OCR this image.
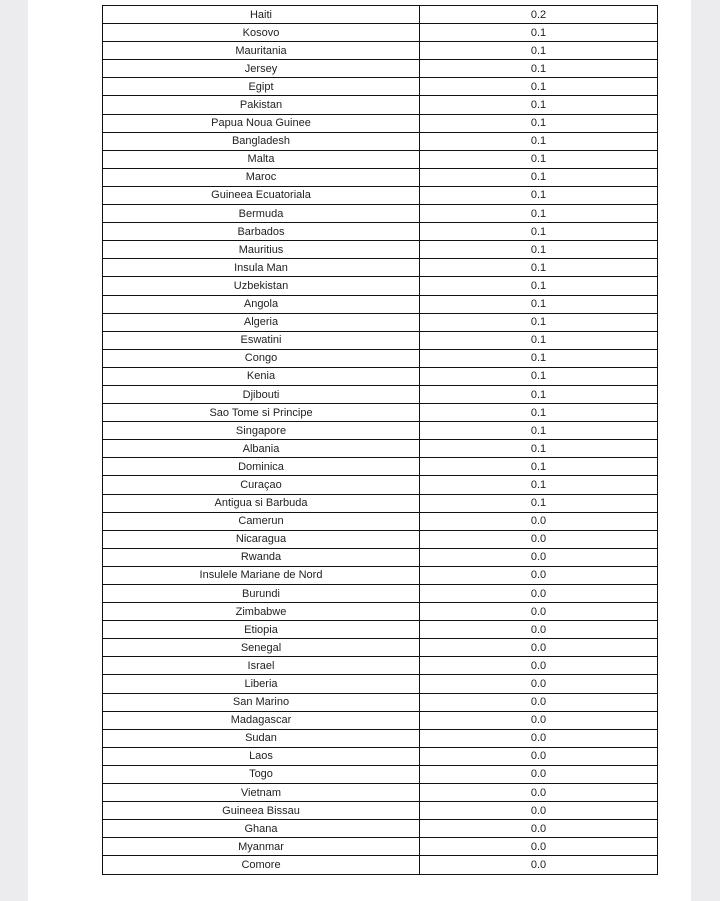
Haiti	0.2
Kosovo	0.1
Mauritania	0.1
Jersey	0.1
Egipt	0.1
Pakistan	0.1
Papua Noua Guinee	0.1
Bangladesh	0.1
Malta	0.1
Maroc	0.1
Guineea Ecuatoriala	0.1
Bermuda	0.1
Barbados	0.1
Mauritius	0.1
Insula Man	0.1
Uzbekistan	0.1
Angola	0.1
Algeria	0.1
Eswatini	0.1
Congo	0.1
Kenia	0.1
Djibouti	0.1
Sao Tome si Principe	0.1
Singapore	0.1
Albania	0.1
Dominica	0.1
Curaçao	0.1
Antigua si Barbuda	0.1
Camerun	0.0
Nicaragua	0.0
Rwanda	0.0
Insulele Mariane de Nord	0.0
Burundi	0.0
Zimbabwe	0.0
Etiopia	0.0
Senegal	0.0
Israel	0.0
Liberia	0.0
San Marino	0.0
Madagascar	0.0
Sudan	0.0
Laos	0.0
Togo	0.0
Vietnam	0.0
Guineea Bissau	0.0
Ghana	0.0
Myanmar	0.0
Comore	0.0
